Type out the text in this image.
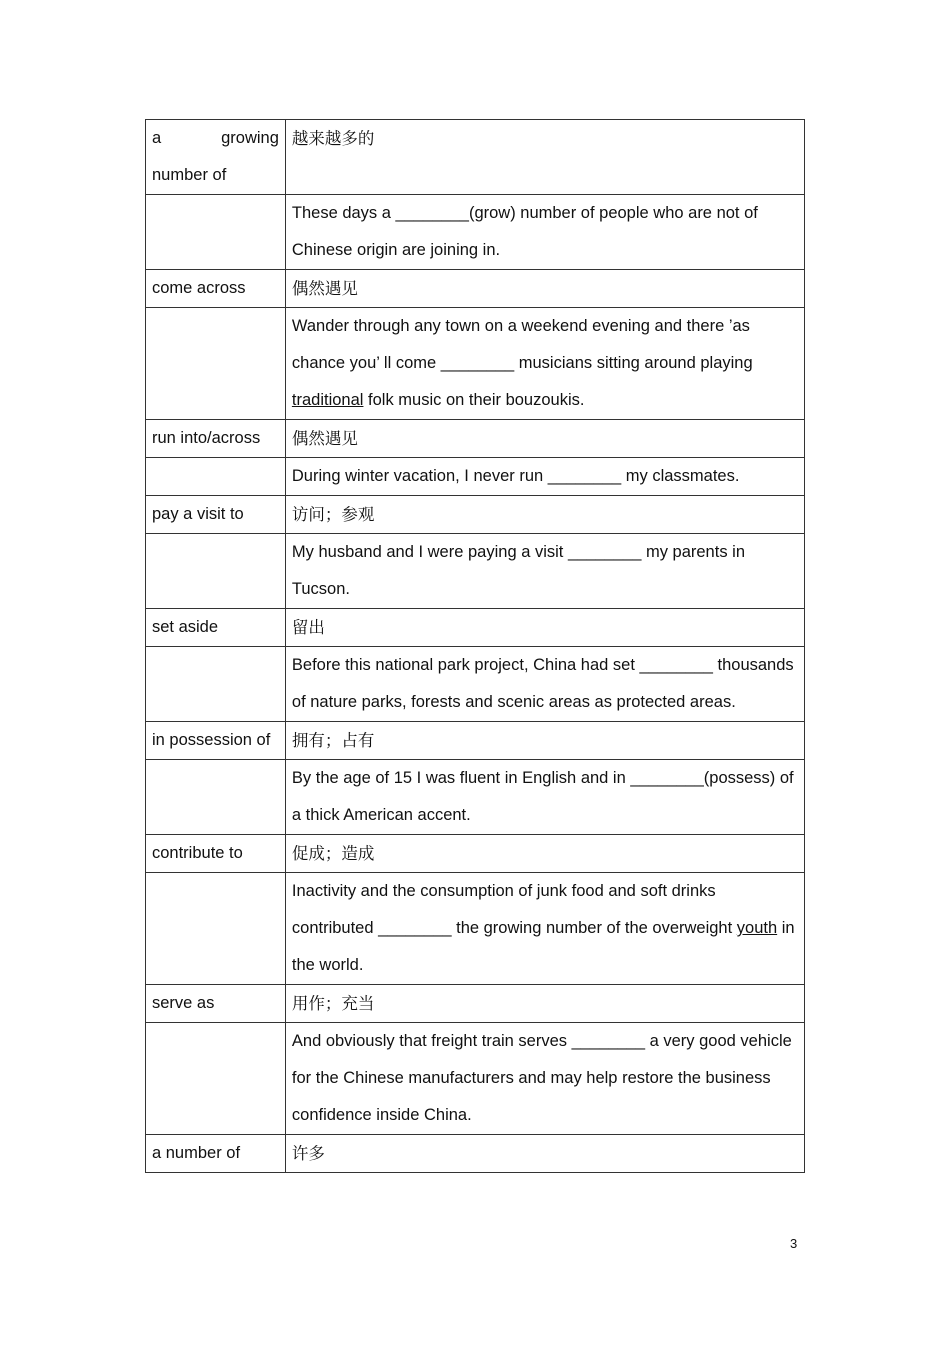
a growing number of	越来越多的
	These days a ________(grow) number of people who are not of Chinese origin are joining in.
come across	偶然遇见
	Wander through any town on a weekend evening and there ’as chance you’ ll come ________ musicians sitting around playing traditional folk music on their bouzoukis.
run into/across	偶然遇见
	During winter vacation, I never run ________ my classmates.
pay a visit to	访问；参观
	My husband and I were paying a visit ________ my parents in Tucson.
set aside	留出
	Before this national park project, China had set ________ thousands of nature parks, forests and scenic areas as protected areas.
in possession of	拥有；占有
	By the age of 15 I was fluent in English and in ________(possess) of a thick American accent.
contribute to	促成；造成
	Inactivity and the consumption of junk food and soft drinks contributed ________ the growing number of the overweight youth in the world.
serve as	用作；充当
	And obviously that freight train serves ________ a very good vehicle for the Chinese manufacturers and may help restore the business confidence inside China.
a number of	许多
3
